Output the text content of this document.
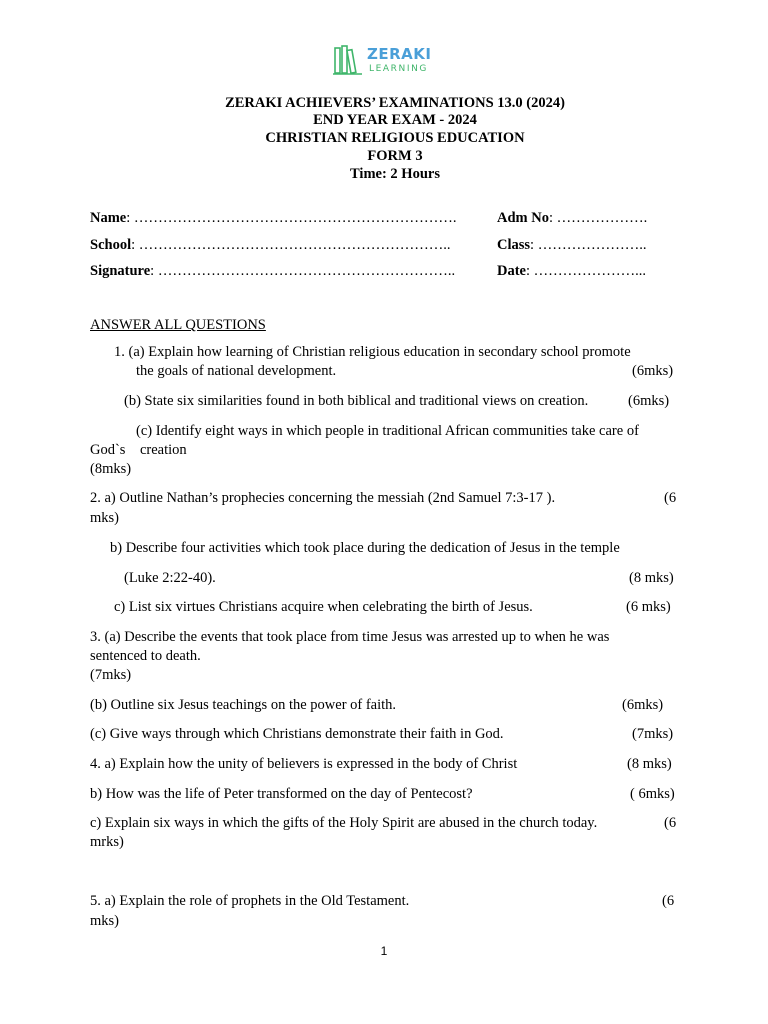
ZERAKI
LEARNING
ZERAKI ACHIEVERS’ EXAMINATIONS 13.0 (2024)
END YEAR EXAM - 2024
CHRISTIAN RELIGIOUS EDUCATION
FORM 3
Time: 2 Hours
Name: ………………………………………………………….	Adm No: ……………….
School: ………………………………………………………..	Class: …………………..
Signature: ……………………………………………………..	Date: …………………...
ANSWER ALL QUESTIONS
1. (a) Explain how learning of Christian religious education in secondary school promote
the goals of national development.	(6mks)
(b) State six similarities found in both biblical and traditional views on creation.	(6mks)
(c) Identify eight ways in which people in traditional African communities take care of
God`s    creation
(8mks)
2. a) Outline Nathan’s prophecies concerning the messiah (2nd Samuel 7:3-17 ).	(6
mks)
b) Describe four activities which took place during the dedication of Jesus in the temple
(Luke 2:22-40).	(8 mks)
c) List six virtues Christians acquire when celebrating the birth of Jesus.	(6 mks)
3. (a) Describe the events that took place from time Jesus was arrested up to when he was
sentenced to death.
(7mks)
(b) Outline six Jesus teachings on the power of faith.	(6mks)
(c) Give ways through which Christians demonstrate their faith in God.	(7mks)
4. a) Explain how the unity of believers is expressed in the body of Christ	(8 mks)
b) How was the life of Peter transformed on the day of Pentecost?	( 6mks)
c) Explain six ways in which the gifts of the Holy Spirit are abused in the church today.	(6
mrks)
5. a) Explain the role of prophets in the Old Testament.	(6
mks)
1
